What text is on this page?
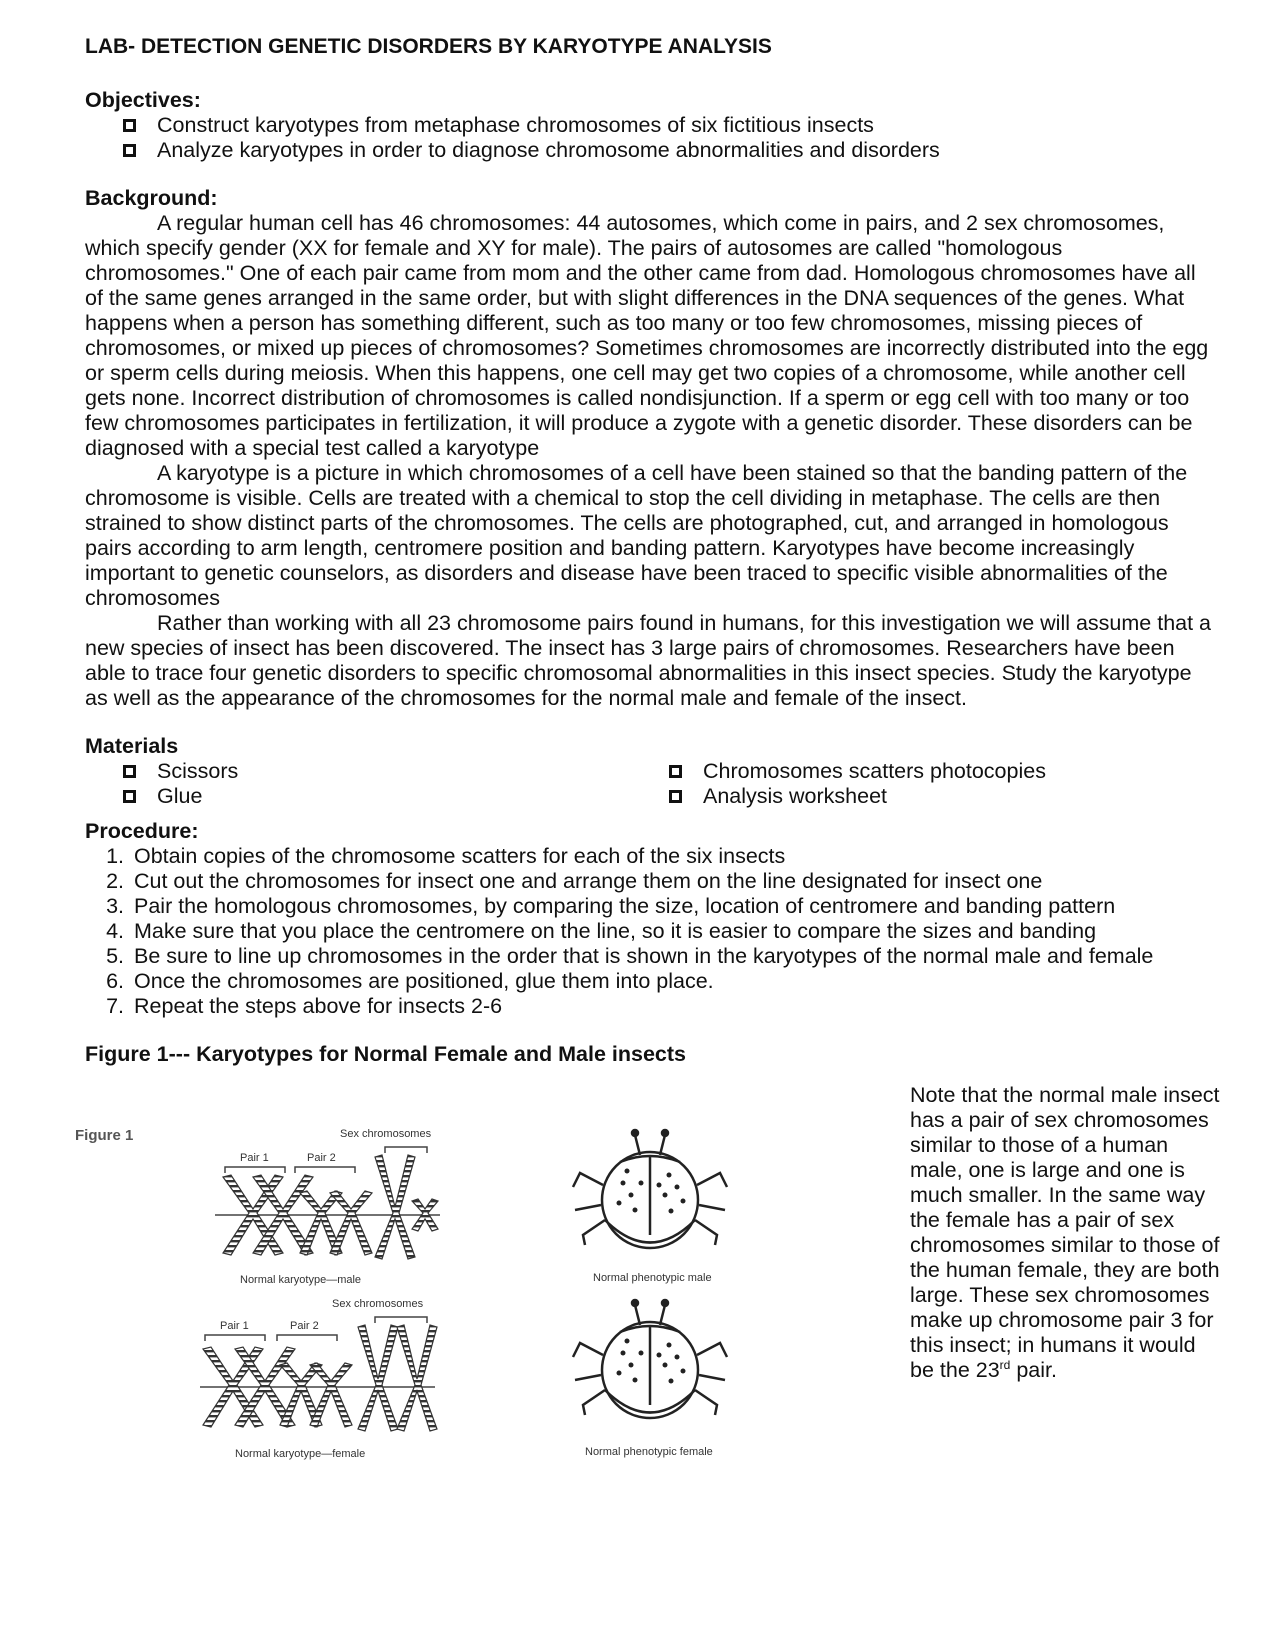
LAB- DETECTION GENETIC DISORDERS BY KARYOTYPE ANALYSIS
Objectives:
Construct karyotypes from metaphase chromosomes of six fictitious insects
Analyze karyotypes in order to diagnose chromosome abnormalities and disorders
Background:

A regular human cell has 46 chromosomes: 44 autosomes, which come in pairs, and 2 sex chromosomes, which specify gender (XX for female and XY for male). The pairs of autosomes are called "homologous chromosomes." One of each pair came from mom and the other came from dad. Homologous chromosomes have all of the same genes arranged in the same order, but with slight differences in the DNA sequences of the genes. What happens when a person has something different, such as too many or too few chromosomes, missing pieces of chromosomes, or mixed up pieces of chromosomes? Sometimes chromosomes are incorrectly distributed into the egg or sperm cells during meiosis. When this happens, one cell may get two copies of a chromosome, while another cell gets none. Incorrect distribution of chromosomes is called nondisjunction. If a sperm or egg cell with too many or too few chromosomes participates in fertilization, it will produce a zygote with a genetic disorder. These disorders can be diagnosed with a special test called a karyotype

A karyotype is a picture in which chromosomes of a cell have been stained so that the banding pattern of the chromosome is visible. Cells are treated with a chemical to stop the cell dividing in metaphase. The cells are then strained to show distinct parts of the chromosomes. The cells are photographed, cut, and arranged in homologous pairs according to arm length, centromere position and banding pattern. Karyotypes have become increasingly important to genetic counselors, as disorders and disease have been traced to specific visible abnormalities of the chromosomes

Rather than working with all 23 chromosome pairs found in humans, for this investigation we will assume that a new species of insect has been discovered. The insect has 3 large pairs of chromosomes. Researchers have been able to trace four genetic disorders to specific chromosomal abnormalities in this insect species. Study the karyotype as well as the appearance of the chromosomes for the normal male and female of the insect.

Materials
Scissors
Glue
Chromosomes scatters photocopies
Analysis worksheet
Procedure:
1. Obtain copies of the chromosome scatters for each of the six insects
2. Cut out the chromosomes for insect one and arrange them on the line designated for insect one
3. Pair the homologous chromosomes, by comparing the size, location of centromere and banding pattern
4. Make sure that you place the centromere on the line, so it is easier to compare the sizes and banding
5. Be sure to line up chromosomes in the order that is shown in the karyotypes of the normal male and female
6. Once the chromosomes are positioned, glue them into place.
7. Repeat the steps above for insects 2-6
Figure 1--- Karyotypes for Normal Female and Male insects
Figure 1
Pair 1	Pair 2
Sex chromosomes
Normal karyotype—male
Pair 1	Pair 2
Sex chromosomes
Normal karyotype—female
Normal phenotypic male
Normal phenotypic female
Note that the normal male insect has a pair of sex chromosomes similar to those of a human male, one is large and one is much smaller. In the same way the female has a pair of sex chromosomes similar to those of the human female, they are both large. These sex chromosomes make up chromosome pair 3 for this insect; in humans it would be the 23rd pair.
